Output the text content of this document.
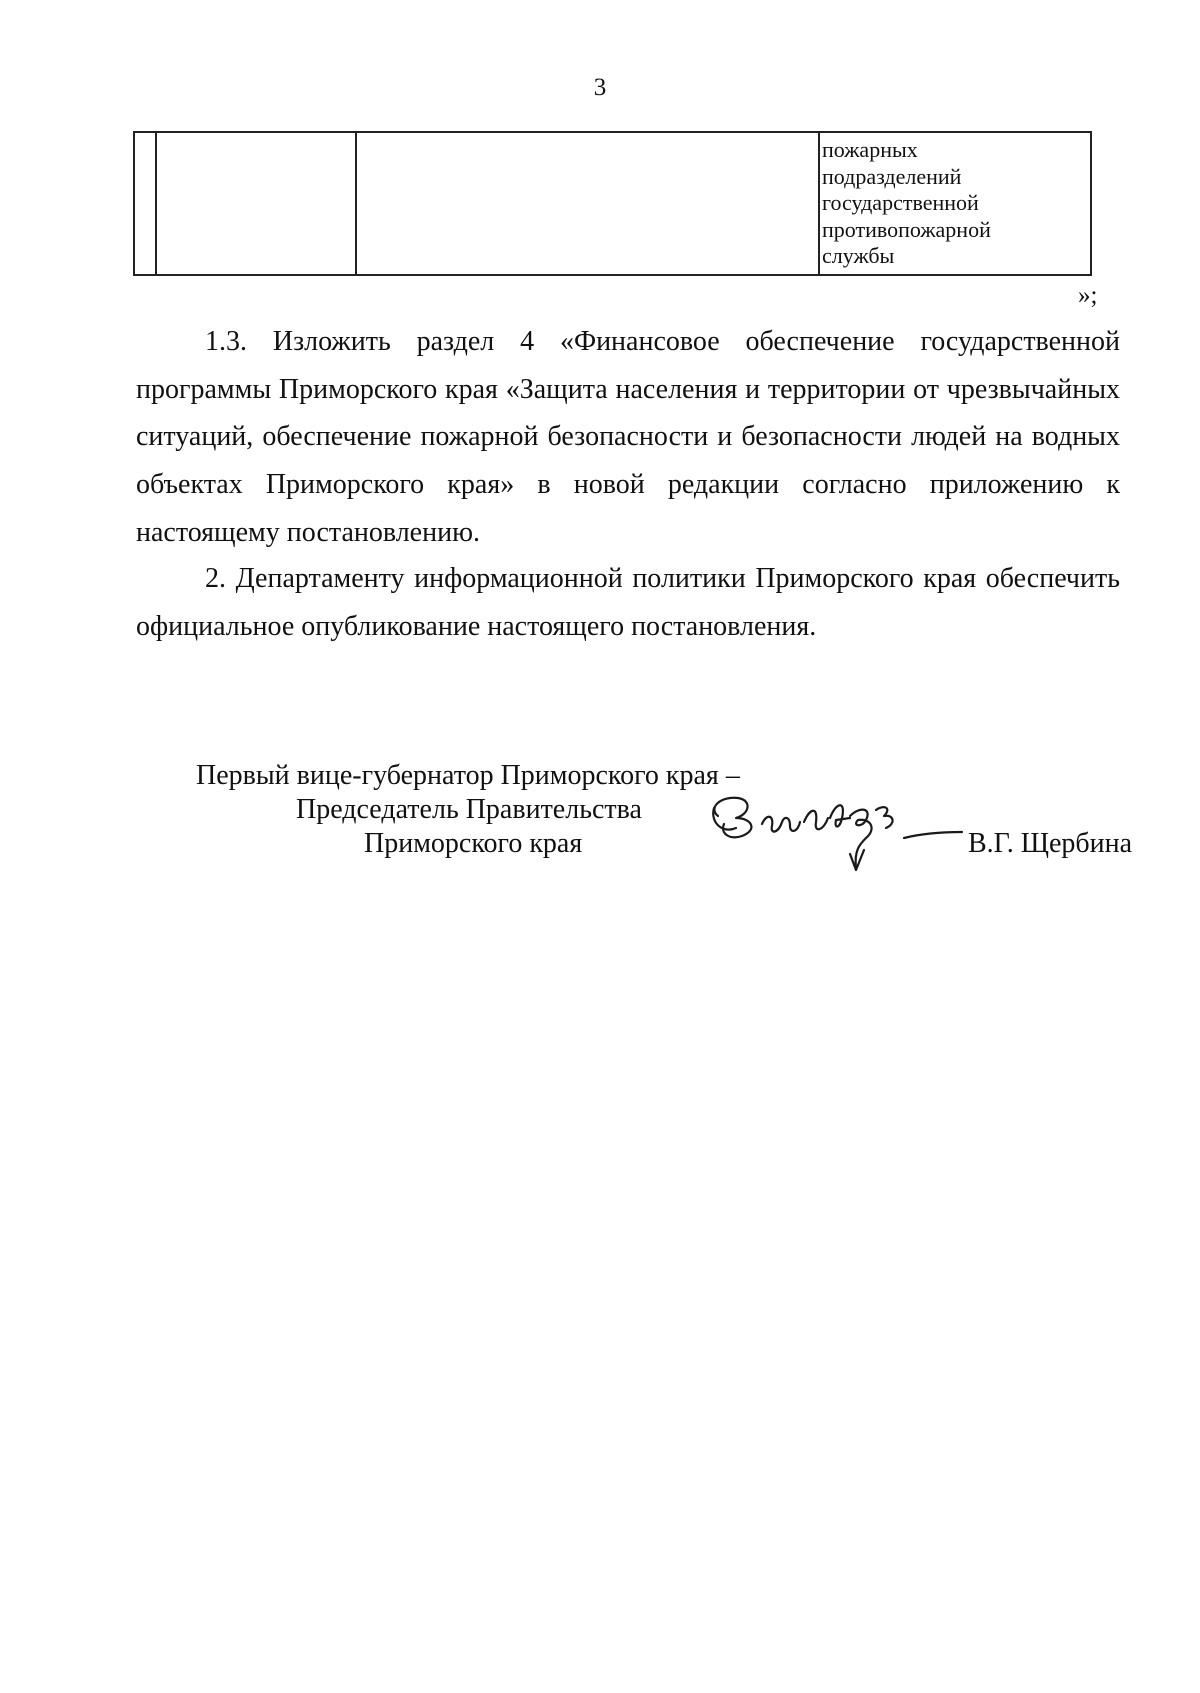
3

пожарных
подразделений
государственной
противопожарной
службы
»;

1.3. Изложить раздел 4 «Финансовое обеспечение государственной программы Приморского края «Защита населения и территории от чрезвычайных ситуаций, обеспечение пожарной безопасности и безопасности людей на водных объектах Приморского края» в новой редакции согласно приложению к настоящему постановлению.

2. Департаменту информационной политики Приморского края обеспечить официальное опубликование настоящего постановления.

Первый вице-губернатор Приморского края –
Председатель Правительства
Приморского края	В.Г. Щербина
